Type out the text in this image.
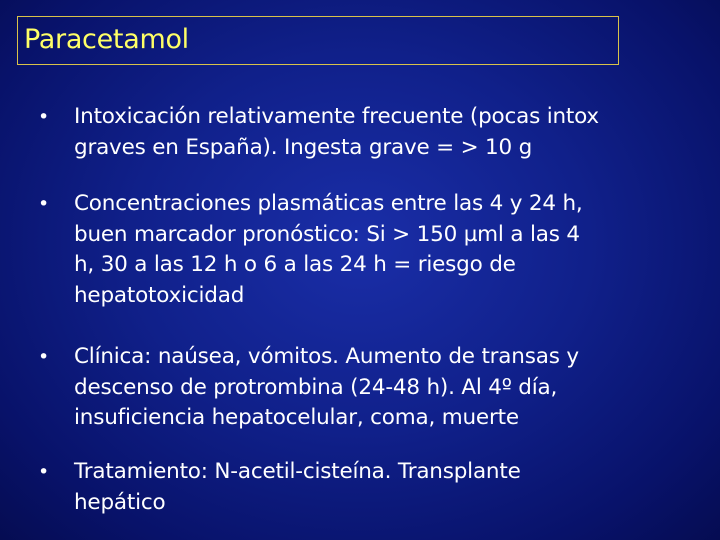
Paracetamol
• Intoxicación relativamente frecuente (pocas intox
graves en España). Ingesta grave = > 10 g
• Concentraciones plasmáticas entre las 4 y 24 h,
buen marcador pronóstico: Si > 150 µml a las 4
h, 30 a las 12 h o 6 a las 24 h = riesgo de
hepatotoxicidad
• Clínica: naúsea, vómitos. Aumento de transas y
descenso de protrombina (24-48 h). Al 4º día,
insuficiencia hepatocelular, coma, muerte
• Tratamiento: N-acetil-cisteína. Transplante
hepático
